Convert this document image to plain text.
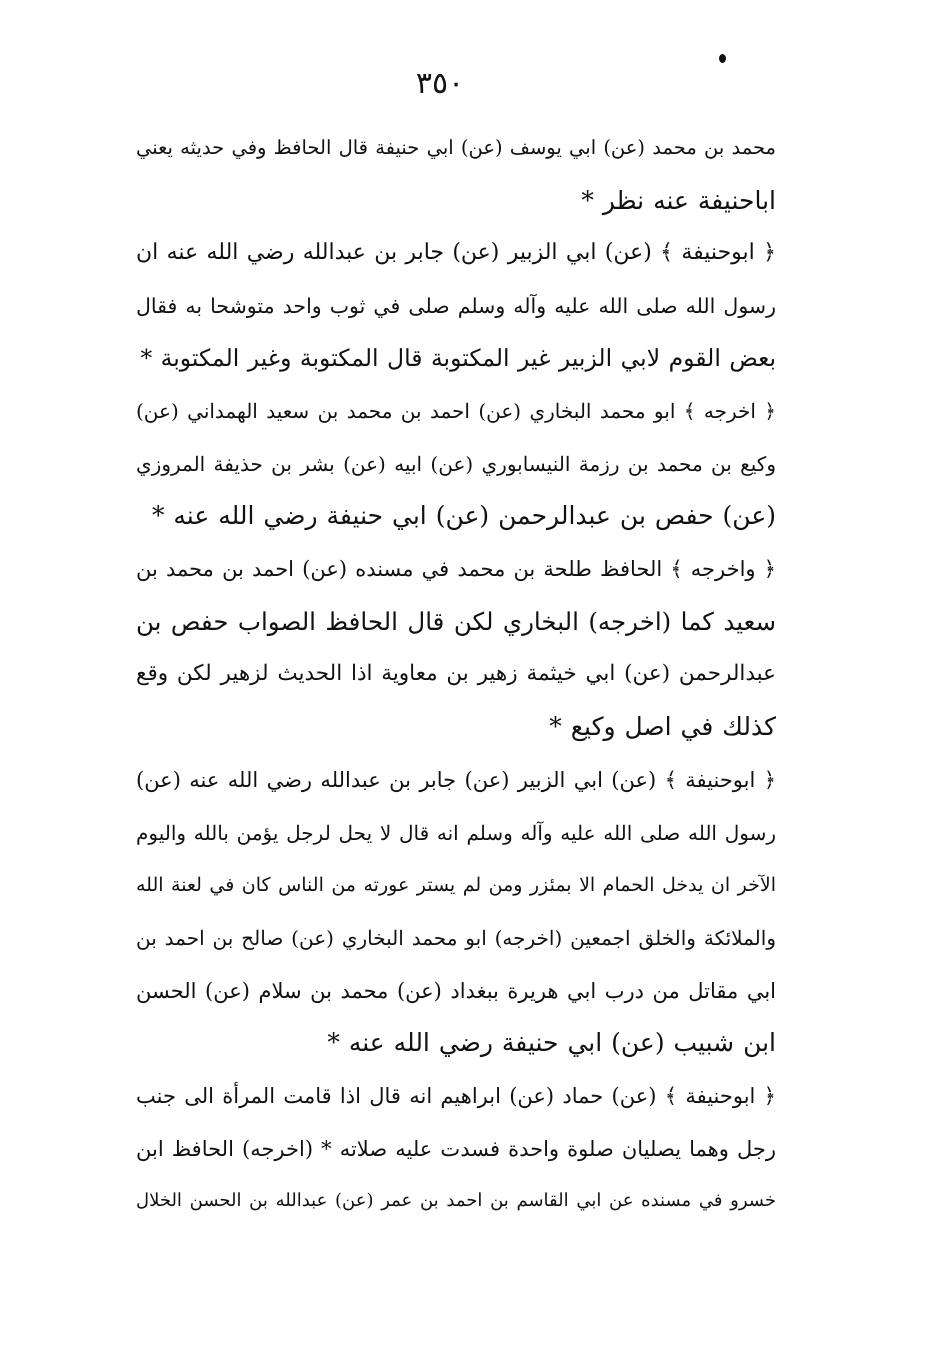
٣٥٠
محمد بن محمد (عن) ابي يوسف (عن) ابي حنيفة قال الحافظ وفي حديثه يعني
اباحنيفة عنه نظر *
﴿ ابوحنيفة ﴾ (عن) ابي الزبير (عن) جابر بن عبدالله رضي الله عنه ان
رسول الله صلى الله عليه وآله وسلم صلى في ثوب واحد متوشحا به فقال
بعض القوم لابي الزبير غير المكتوبة قال المكتوبة وغير المكتوبة *
﴿ اخرجه ﴾ ابو محمد البخاري (عن) احمد بن محمد بن سعيد الهمداني (عن)
وكيع بن محمد بن رزمة النيسابوري (عن) ابيه (عن) بشر بن حذيفة المروزي
(عن) حفص بن عبدالرحمن (عن) ابي حنيفة رضي الله عنه *
﴿ واخرجه ﴾ الحافظ طلحة بن محمد في مسنده (عن) احمد بن محمد بن
سعيد كما (اخرجه) البخاري لكن قال الحافظ الصواب حفص بن
عبدالرحمن (عن) ابي خيثمة زهير بن معاوية اذا الحديث لزهير لكن وقع
كذلك في اصل وكيع *
﴿ ابوحنيفة ﴾ (عن) ابي الزبير (عن) جابر بن عبدالله رضي الله عنه (عن)
رسول الله صلى الله عليه وآله وسلم انه قال لا يحل لرجل يؤمن بالله واليوم
الآخر ان يدخل الحمام الا بمئزر ومن لم يستر عورته من الناس كان في لعنة الله
والملائكة والخلق اجمعين (اخرجه) ابو محمد البخاري (عن) صالح بن احمد بن
ابي مقاتل من درب ابي هريرة ببغداد (عن) محمد بن سلام (عن) الحسن
ابن شبيب (عن) ابي حنيفة رضي الله عنه *
﴿ ابوحنيفة ﴾ (عن) حماد (عن) ابراهيم انه قال اذا قامت المرأة الى جنب
رجل وهما يصليان صلوة واحدة فسدت عليه صلاته * (اخرجه) الحافظ ابن
خسرو في مسنده عن ابي القاسم بن احمد بن عمر (عن) عبدالله بن الحسن الخلال
